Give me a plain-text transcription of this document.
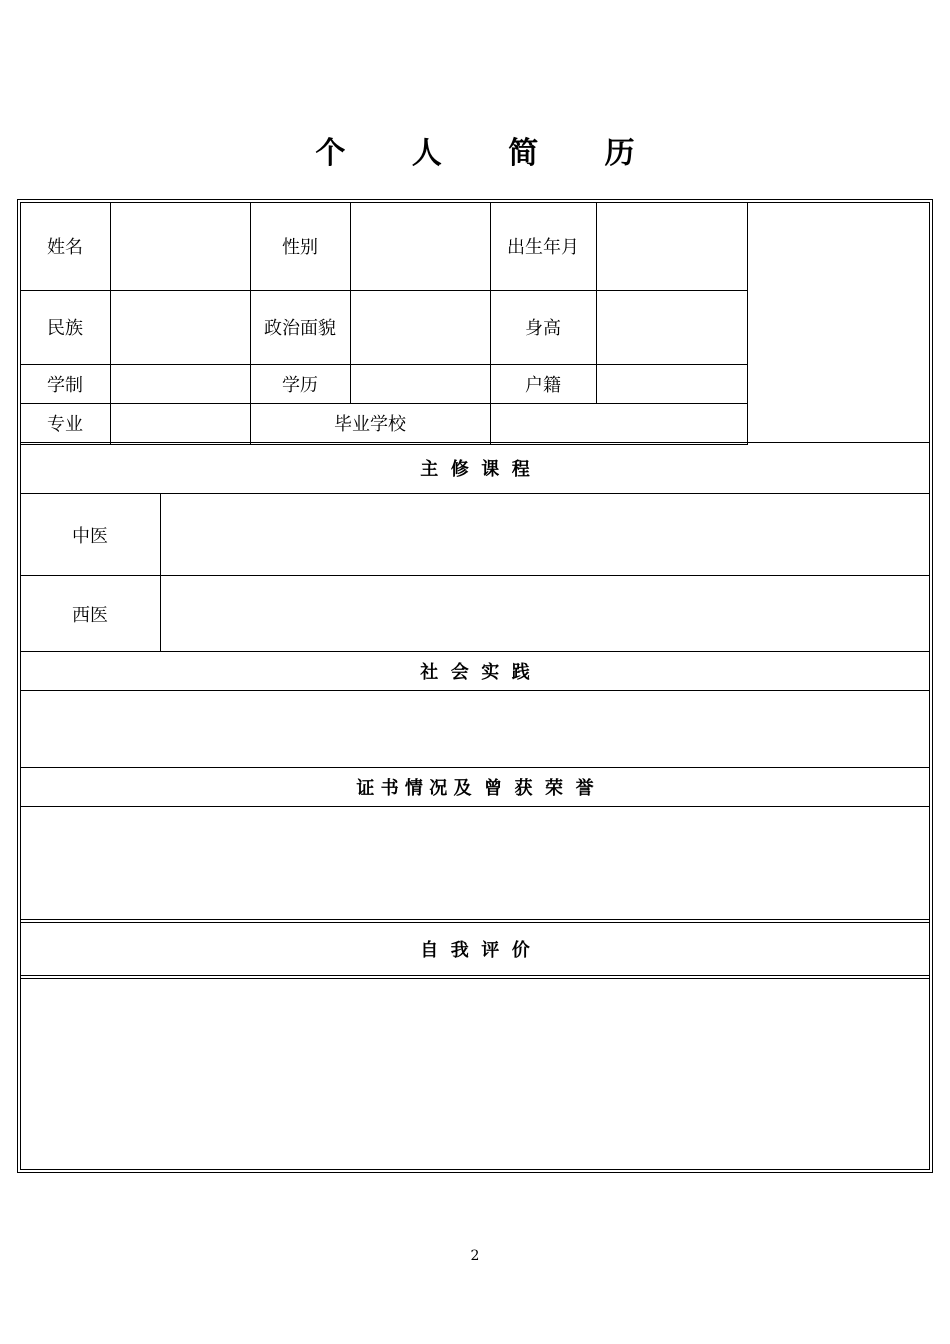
个 人 简 历
姓名	性别	出生年月
民族	政治面貌	身高
学制	学历	户籍
专业	毕业学校
主  修  课  程
中医
西医
社  会  实  践
证 书 情 况 及  曾  获  荣  誉
自  我  评  价
2
